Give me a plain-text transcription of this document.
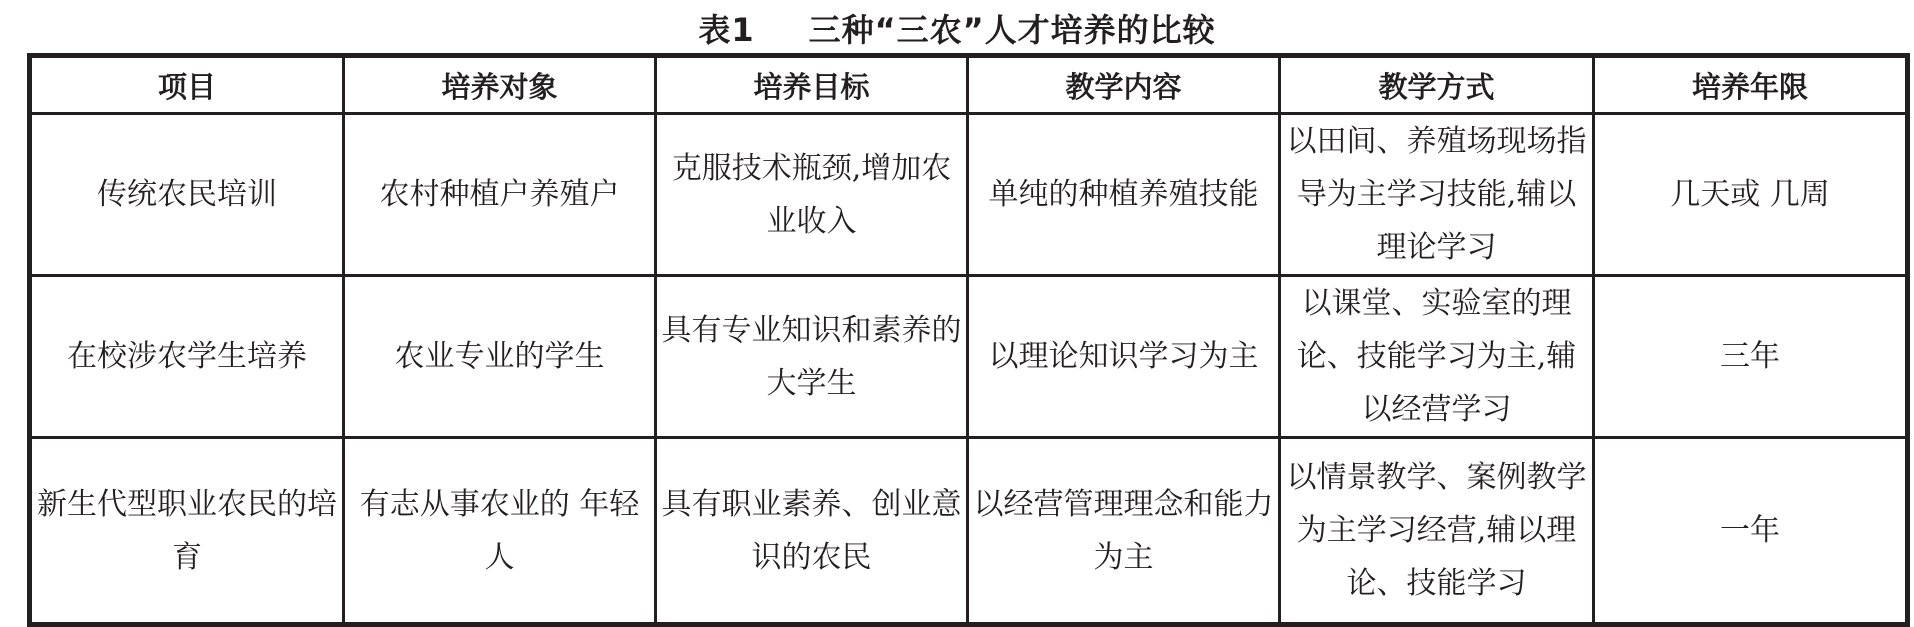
表1 三种“三农”人才培养的比较
项目	培养对象	培养目标	教学内容	教学方式	培养年限
传统农民培训	农村种植户养殖户	克服技术瓶颈,增加农业收入	单纯的种植养殖技能	以田间、养殖场现场指导为主学习技能,辅以理论学习	几天或 几周
在校涉农学生培养	农业专业的学生	具有专业知识和素养的大学生	以理论知识学习为主	以课堂、实验室的理论、技能学习为主,辅以经营学习	三年
新生代型职业农民的培育	有志从事农业的 年轻人	具有职业素养、创业意识的农民	以经营管理理念和能力为主	以情景教学、案例教学为主学习经营,辅以理论、技能学习	一年
